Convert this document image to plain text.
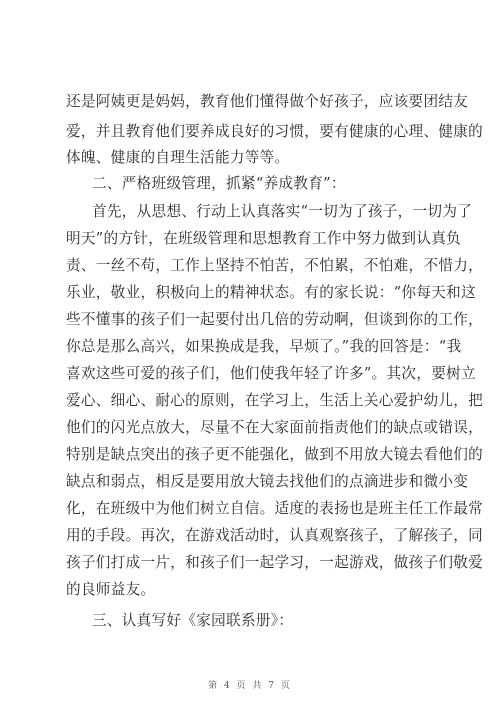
还是阿姨更是妈妈，教育他们懂得做个好孩子，应该要团结友
爱，并且教育他们要养成良好的习惯，要有健康的心理、健康的
体魄、健康的自理生活能力等等。
二、严格班级管理，抓紧“养成教育”：
首先，从思想、行动上认真落实“一切为了孩子，一切为了
明天”的方针，在班级管理和思想教育工作中努力做到认真负
责、一丝不苟，工作上坚持不怕苦，不怕累，不怕难，不惜力，
乐业，敬业，积极向上的精神状态。有的家长说：“你每天和这
些不懂事的孩子们一起要付出几倍的劳动啊，但谈到你的工作，
你总是那么高兴，如果换成是我，早烦了。”我的回答是：“我
喜欢这些可爱的孩子们，他们使我年轻了许多”。其次，要树立
爱心、细心、耐心的原则，在学习上，生活上关心爱护幼儿，把
他们的闪光点放大，尽量不在大家面前指责他们的缺点或错误，
特别是缺点突出的孩子更不能强化，做到不用放大镜去看他们的
缺点和弱点，相反是要用放大镜去找他们的点滴进步和微小变
化，在班级中为他们树立自信。适度的表扬也是班主任工作最常
用的手段。再次，在游戏活动时，认真观察孩子，了解孩子，同
孩子们打成一片，和孩子们一起学习，一起游戏，做孩子们敬爱
的良师益友。
三、认真写好《家园联系册》：
第 4 页 共 7 页
